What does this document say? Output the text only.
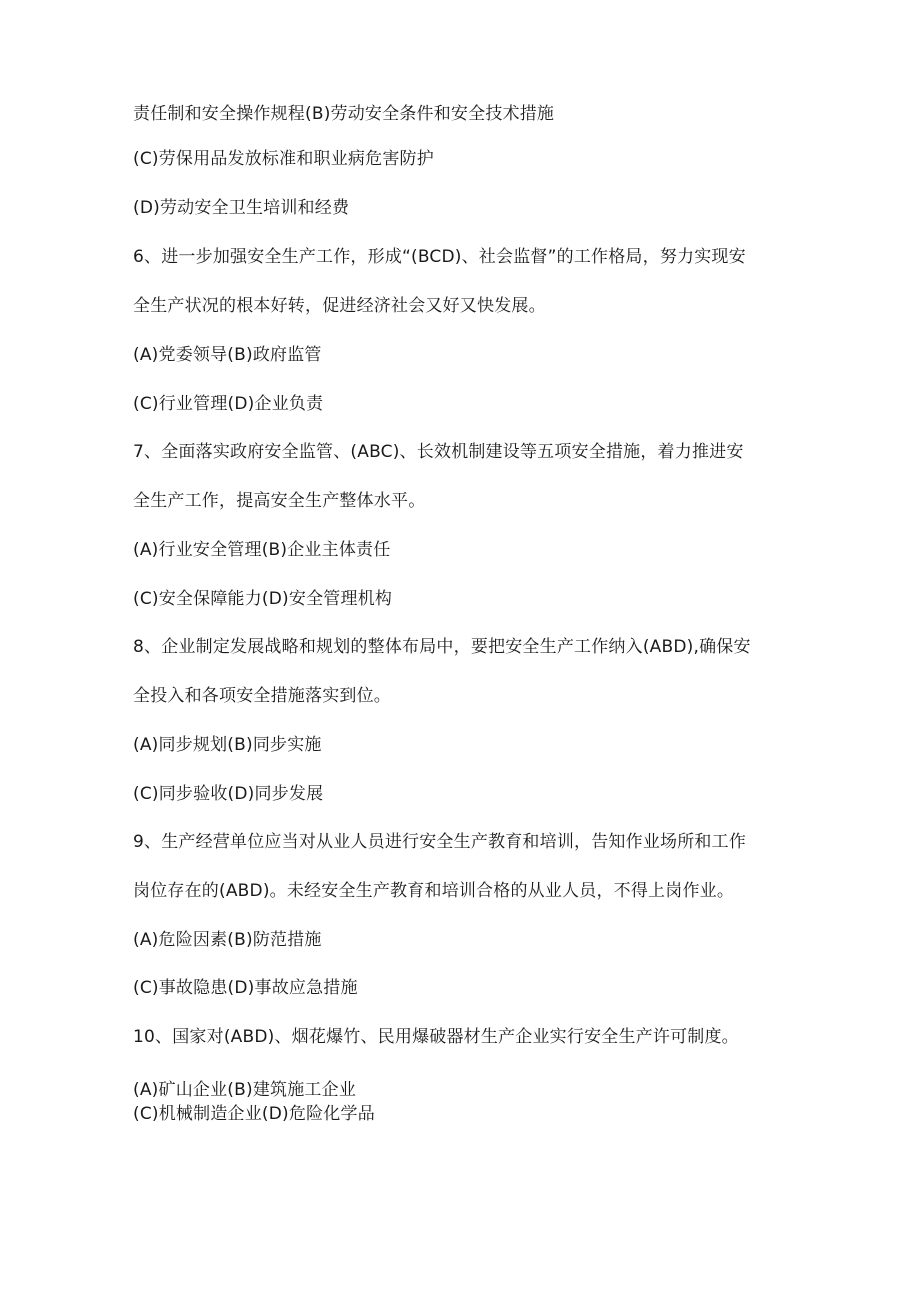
责任制和安全操作规程(B)劳动安全条件和安全技术措施
(C)劳保用品发放标准和职业病危害防护
(D)劳动安全卫生培训和经费
6、进一步加强安全生产工作，形成“(BCD)、社会监督”的工作格局，努力实现安
全生产状况的根本好转，促进经济社会又好又快发展。
(A)党委领导(B)政府监管
(C)行业管理(D)企业负责
7、全面落实政府安全监管、(ABC)、长效机制建设等五项安全措施，着力推进安
全生产工作，提高安全生产整体水平。
(A)行业安全管理(B)企业主体责任
(C)安全保障能力(D)安全管理机构
8、企业制定发展战略和规划的整体布局中，要把安全生产工作纳入(ABD),确保安
全投入和各项安全措施落实到位。
(A)同步规划(B)同步实施
(C)同步验收(D)同步发展
9、生产经营单位应当对从业人员进行安全生产教育和培训，告知作业场所和工作
岗位存在的(ABD)。未经安全生产教育和培训合格的从业人员，不得上岗作业。
(A)危险因素(B)防范措施
(C)事故隐患(D)事故应急措施
10、国家对(ABD)、烟花爆竹、民用爆破器材生产企业实行安全生产许可制度。
(A)矿山企业(B)建筑施工企业
(C)机械制造企业(D)危险化学品
